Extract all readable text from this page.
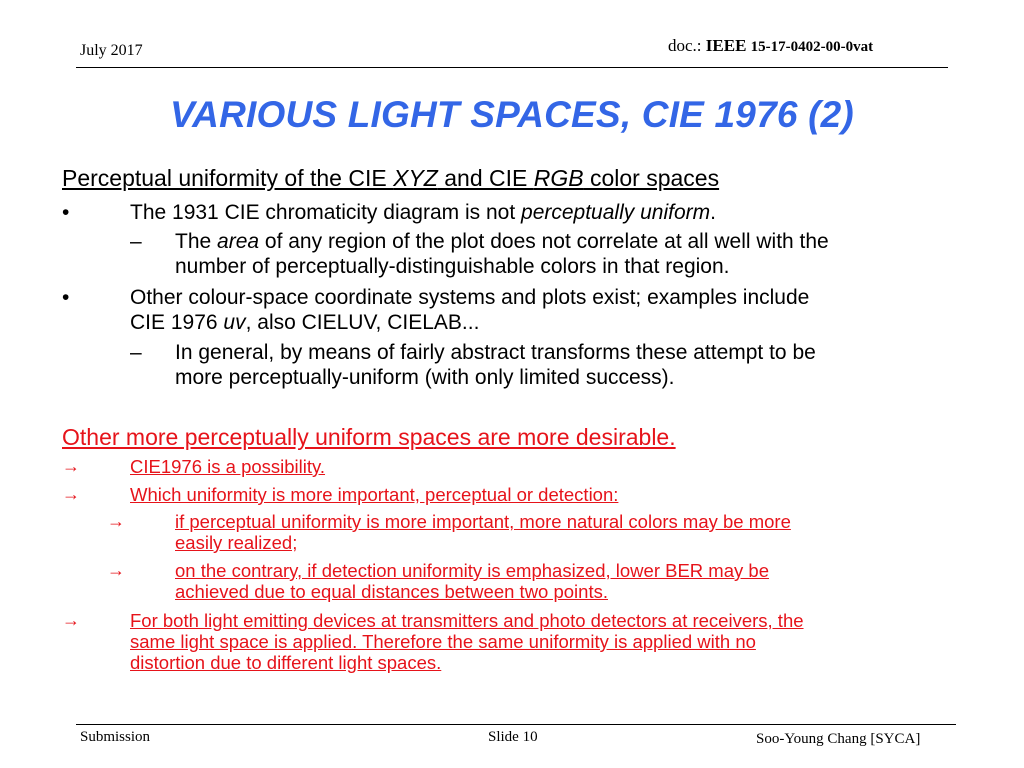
July 2017	doc.: IEEE 15-17-0402-00-0vat
VARIOUS LIGHT SPACES, CIE 1976 (2)
Perceptual uniformity of the CIE XYZ and CIE RGB color spaces
•	The 1931 CIE chromaticity diagram is not perceptually uniform.
– The area of any region of the plot does not correlate at all well with the
number of perceptually-distinguishable colors in that region.
•	Other colour-space coordinate systems and plots exist; examples include
CIE 1976 uv, also CIELUV, CIELAB...
– In general, by means of fairly abstract transforms these attempt to be
more perceptually-uniform (with only limited success).
Other more perceptually uniform spaces are more desirable.
→	CIE1976 is a possibility.
→	Which uniformity is more important, perceptual or detection:
→	if perceptual uniformity is more important, more natural colors may be more
easily realized;
→	on the contrary, if detection uniformity is emphasized, lower BER may be
achieved due to equal distances between two points.
→	For both light emitting devices at transmitters and photo detectors at receivers, the
same light space is applied. Therefore the same uniformity is applied with no
distortion due to different light spaces.
Submission	Slide 10	Soo-Young Chang [SYCA]
